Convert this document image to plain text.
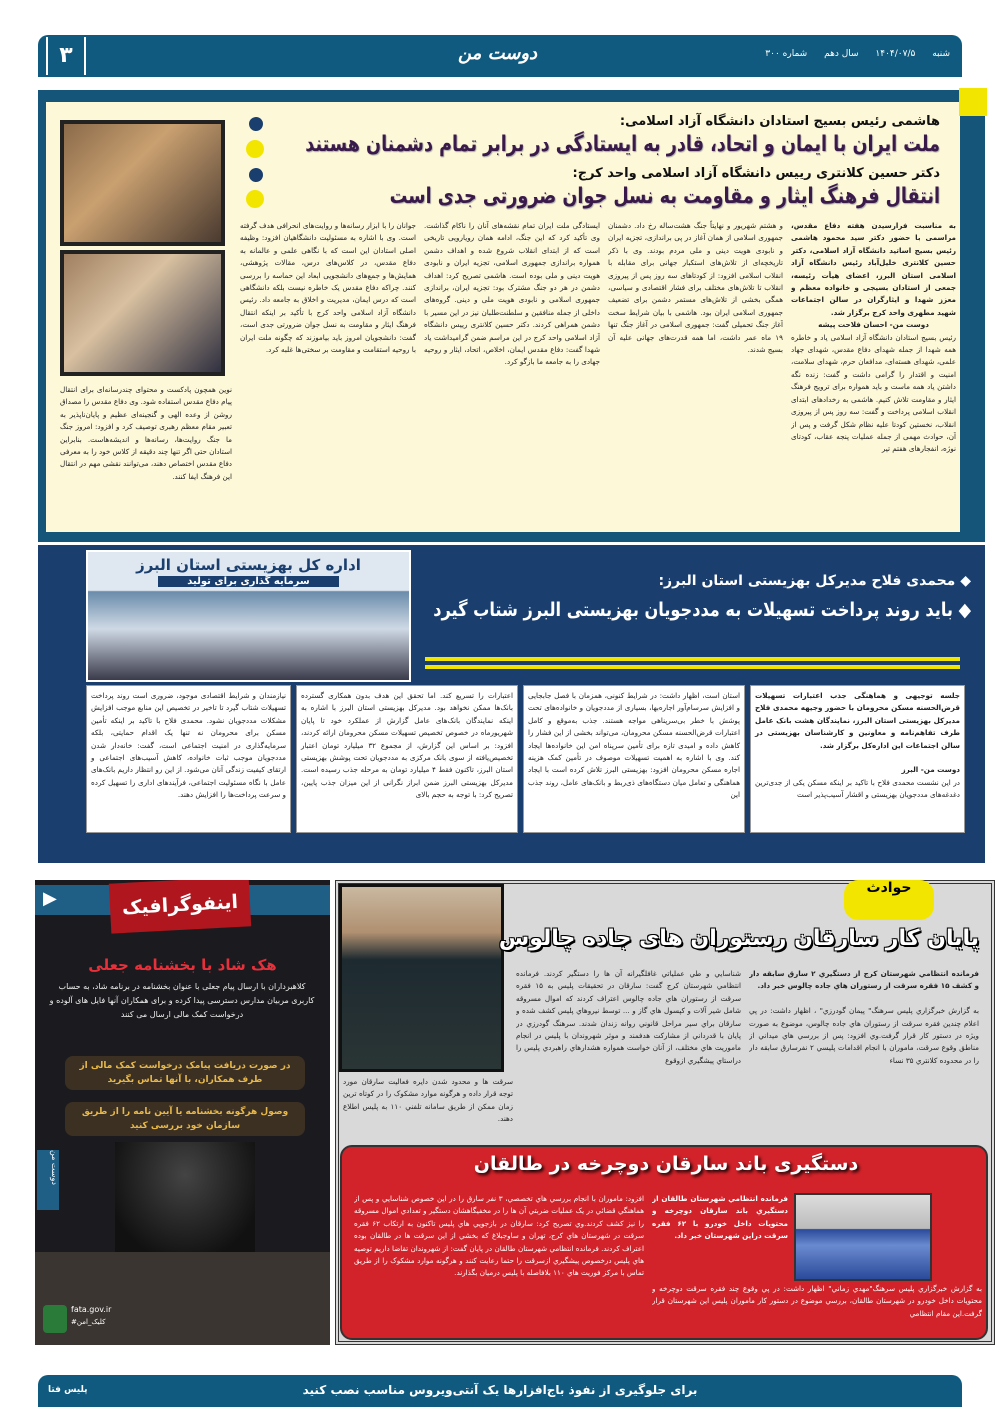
۳	دوست من	شنبه ۱۴۰۴/۰۷/۵ سال دهم شماره ۳۰۰
هاشمی رئیس بسیج استادان دانشگاه آزاد اسلامی:
ملت ایران با ایمان و اتحاد، قادر به ایستادگی در برابر تمام دشمنان هستند
دکتر حسین کلانتری رییس دانشگاه آزاد اسلامی واحد کرج:
انتقال فرهنگ ایثار و مقاومت به نسل جوان ضرورتی جدی است
به مناسبت فرارسیدن هفته دفاع مقدس، مراسمی با حضور دکتر سید محمود هاشمی رئیس بسیج اساتید دانشگاه آزاد اسلامی، دکتر حسین کلانتری خلیل‌آباد رئیس دانشگاه آزاد اسلامی استان البرز، اعضای هیأت رئیسه، جمعی از استادان بسیجی و خانواده معظم و معزز شهدا و ایثارگران در سالن اجتماعات شهید مطهری واحد کرج برگزار شد.

دوست من- احسان فلاحت پیشه
رئیس بسیج استادان دانشگاه آزاد اسلامی یاد و خاطره همه شهدا از جمله شهدای دفاع مقدس، شهدای جهاد علمی، شهدای هسته‌ای، مدافعان حرم، شهدای سلامت، امنیت و اقتدار را گرامی داشت و گفت: زنده نگه داشتن یاد همه ماست و باید همواره برای ترویج فرهنگ ایثار و مقاومت تلاش کنیم. هاشمی به رخدادهای ابتدای انقلاب اسلامی پرداخت و گفت: سه روز پس از پیروزی انقلاب، نخستین کودتا علیه نظام شکل گرفت و پس از آن، حوادث مهمی از جمله عملیات پنجه عقاب، کودتای نوژه، انفجارهای هفتم تیر
و هشتم شهریور و نهایتاً جنگ هشت‌ساله رخ داد. دشمنان جمهوری اسلامی از همان آغاز در پی براندازی، تجزیه ایران و نابودی هویت دینی و ملی مردم بودند. وی با ذکر تاریخچه‌ای از تلاش‌های استکبار جهانی برای مقابله با انقلاب اسلامی افزود: از کودتاهای سه روز پس از پیروزی انقلاب تا تلاش‌های مختلف برای فشار اقتصادی و سیاسی، همگی بخشی از تلاش‌های مستمر دشمن برای تضعیف جمهوری اسلامی ایران بود. هاشمی با بیان شرایط سخت آغاز جنگ تحمیلی گفت: جمهوری اسلامی در آغاز جنگ تنها ۱۹ ماه عمر داشت، اما همه قدرت‌های جهانی علیه آن بسیج شدند.
ایستادگی ملت ایران تمام نقشه‌های آنان را ناکام گذاشت. وی تأکید کرد که این جنگ، ادامه همان رویارویی تاریخی است که از ابتدای انقلاب شروع شده و اهداف دشمن همواره براندازی جمهوری اسلامی، تجزیه ایران و نابودی هویت دینی و ملی بوده است. هاشمی تصریح کرد: اهداف دشمن در هر دو جنگ مشترک بود: تجزیه ایران، براندازی جمهوری اسلامی و نابودی هویت ملی و دینی. گروه‌های داخلی از جمله منافقین و سلطنت‌طلبان نیز در این مسیر با دشمن همراهی کردند. دکتر حسین کلانتری رییس دانشگاه آزاد اسلامی واحد کرج در این مراسم ضمن گرامیداشت یاد شهدا گفت: دفاع مقدس ایمان، اخلاص، اتحاد، ایثار و روحیه جهادی را به جامعه ما بازگو کرد.
جوانان را با ابزار رسانه‌ها و روایت‌های انحرافی هدف گرفته است. وی با اشاره به مسئولیت دانشگاهیان افزود: وظیفه اصلی استادان این است که با نگاهی علمی و عالمانه به دفاع مقدس، در کلاس‌های درس، مقالات پژوهشی، همایش‌ها و جمع‌های دانشجویی ابعاد این حماسه را بررسی کنند. چراکه دفاع مقدس یک خاطره نیست بلکه دانشگاهی است که درس ایمان، مدیریت و اخلاق به جامعه داد. رئیس دانشگاه آزاد اسلامی واحد کرج با تأکید بر اینکه انتقال فرهنگ ایثار و مقاومت به نسل جوان ضرورتی جدی است، گفت: دانشجویان امروز باید بیاموزند که چگونه ملت ایران با روحیه استقامت و مقاومت بر سختی‌ها غلبه کرد.
نوین همچون پادکست و محتوای چندرسانه‌ای برای انتقال پیام دفاع مقدس استفاده شود. وی دفاع مقدس را مصداق روشن از وعده الهی و گنجینه‌ای عظیم و پایان‌ناپذیر به تعبیر مقام معظم رهبری توصیف کرد و افزود: امروز جنگ ما جنگ روایت‌ها، رسانه‌ها و اندیشه‌هاست. بنابراین استادان حتی اگر تنها چند دقیقه از کلاس خود را به معرفی دفاع مقدس اختصاص دهند، می‌توانند نقشی مهم در انتقال این فرهنگ ایفا کنند.
اداره کل بهزیستی استان البرز
سرمایه گذاری برای تولید	◆ محمدی فلاح مدیرکل بهزیستی استان البرز:
◆ باید روند پرداخت تسهیلات به مددجویان بهزیستی البرز شتاب گیرد
جلسه توجیهی و هماهنگی جذب اعتبارات تسهیلات قرض‌الحسنه مسکن محرومان با حضور وجیهه محمدی فلاح مدیرکل بهزیستی استان البرز، نمایندگان هشت بانک عامل طرف تفاهم‌نامه و معاونین و کارشناسان بهزیستی در سالن اجتماعات این اداره‌کل برگزار شد.

دوست من- البرز
در این نشست محمدی فلاح با تاکید بر اینکه مسکن یکی از جدی‌ترین دغدغه‌های مددجویان بهزیستی و اقشار آسیب‌پذیر است
استان است، اظهار داشت: در شرایط کنونی، همزمان با فصل جابجایی و افزایش سرسام‌آور اجاره‌بها، بسیاری از مددجویان و خانواده‌های تحت پوشش با خطر بی‌سرپناهی مواجه هستند. جذب به‌موقع و کامل اعتبارات قرض‌الحسنه مسکن محرومان، می‌تواند بخشی از این فشار را کاهش داده و امیدی تازه برای تأمین سرپناه امن این خانواده‌ها ایجاد کند. وی با اشاره به اهمیت تسهیلات موصوف در تأمین کمک هزینه اجاره مسکن محرومان افزود: بهزیستی البرز تلاش کرده است با ایجاد هماهنگی و تعامل میان دستگاه‌های ذی‌ربط و بانک‌های عامل، روند جذب این
اعتبارات را تسریع کند. اما تحقق این هدف بدون همکاری گسترده بانک‌ها ممکن نخواهد بود. مدیرکل بهزیستی استان البرز با اشاره به اینکه نمایندگان بانک‌های عامل گزارش از عملکرد خود تا پایان شهریورماه در خصوص تخصیص تسهیلات مسکن محرومان ارائه کردند، افزود: بر اساس این گزارش، از مجموع ۳۲ میلیارد تومان اعتبار تخصیص‌یافته از سوی بانک مرکزی به مددجویان تحت پوشش بهزیستی استان البرز، تاکنون فقط ۴ میلیارد تومان به مرحله جذب رسیده است. مدیرکل بهزیستی البرز ضمن ابراز نگرانی از این میزان جذب پایین، تصریح کرد: با توجه به حجم بالای
نیازمندان و شرایط اقتصادی موجود، ضروری است روند پرداخت تسهیلات شتاب گیرد تا تاخیر در تخصیص این منابع موجب افزایش مشکلات مددجویان نشود. محمدی فلاح با تاکید بر اینکه تأمین مسکن برای محرومان نه تنها یک اقدام حمایتی، بلکه سرمایه‌گذاری در امنیت اجتماعی است، گفت: خانه‌دار شدن مددجویان موجب ثبات خانواده، کاهش آسیب‌های اجتماعی و ارتقای کیفیت زندگی آنان می‌شود. از این رو انتظار داریم بانک‌های عامل با نگاه مسئولیت اجتماعی، فرآیندهای اداری را تسهیل کرده و سرعت پرداخت‌ها را افزایش دهند.
▶	اینفوگرافیک
هک شاد با بخشنامه جعلی
کلاهبرداران با ارسال پیام جعلی با عنوان بخشنامه در برنامه شاد، به حساب کاربری مربیان مدارس دسترسی پیدا کرده و برای همکاران آنها فایل های آلوده و درخواست کمک مالی ارسال می کنند
در صورت دریافت پیامک درخواست کمک مالی از طرف همکاران، با آنها تماس بگیرید
وصول هرگونه بخشنامه یا آیین نامه را از طریق سازمان خود بررسی کنید
دوست من
fata.gov.ir
#کلیک_امن
حوادث
پایان کار سارقان رستوران های جاده چالوس
فرمانده انتظامي شهرستان کرج از دستگيري ۲ سارق سابقه دار و کشف ۱۵ فقره سرقت از رستوران هاي جاده چالوس خبر داد.

به گزارش خبرگزاري پليس سرهنگ" پيمان گودرزي" ، اظهار داشت: در پي اعلام چندين فقره سرقت از رستوران هاي جاده چالوس، موضوع به صورت ويژه در دستور کار قرار گرفت.وي افزود: پس از بررسي هاي ميداني از مناطق وقوع سرقت، ماموران با انجام اقدامات پليسي ۲ نفرسارق سابقه دار را در محدوده کلانتري ۳۵ نساء
شناسايي و طي عملياتي غافلگيرانه آن ها را دستگير کردند. فرمانده انتظامي شهرستان کرج گفت: سارقان در تحقيقات پليس به ۱۵ فقره سرقت از رستوران هاي جاده چالوس اعتراف کردند که اموال مسروقه شامل شير آلات و کپسول هاي گاز و ... توسط نيروهاي پليس کشف شده و سارقان براي سير مراحل قانوني روانه زندان شدند. سرهنگ گودرزي در پايان با قدرداني از مشارکت هدفمند و موثر شهروندان با پليس در انجام ماموريت هاي مختلف، از آنان خواست همواره هشدارهاي راهبردي پليس را دراستاي پيشگيري ازوقوع
سرقت ها و محدود شدن دايره فعاليت سارقان مورد توجه قرار داده و هرگونه موارد مشکوک را در کوتاه ترين زمان ممکن از طريق سامانه تلفني ۱۱۰ به پليس اطلاع دهند.
دستگیری باند سارقان دوچرخه در طالقان
فرمانده انتظامي شهرستان طالقان از دستگيري باند سارقان دوچرخه و محتويات داخل خودرو با ۶۲ فقره سرقت دراين شهرستان خبر داد.
به گزارش خبرگزاري پليس سرهنگ"مهدي زماني" اظهار داشت: در پي وقوع چند فقره سرقت دوچرخه و محتويات داخل خودرو در شهرستان طالقان، بررسي موضوع در دستور کار ماموران پليس اين شهرستان قرار گرفت.اين مقام انتظامي
افزود: ماموران با انجام بررسي هاي تخصصي، ۳ نفر سارق را در اين خصوص شناسايي و پس از هماهنگي قضائي در يک عمليات ضربتي آن ها را در مخفيگاهشان دستگير و تعدادي اموال مسروقه را نيز کشف کردند.وي تصريح کرد: سارقان در بازجويي هاي پليس تاکنون به ارتکاب ۶۲ فقره سرقت در شهرستان هاي کرج، تهران و ساوجبلاغ که بخشي از اين سرقت ها در طالقان بوده اعتراف کردند. فرمانده انتظامي شهرستان طالقان در پايان گفت: از شهروندان تقاضا داريم توصيه هاي پليس درخصوص پيشگيري ازسرقت را حتما رعايت کنند و هرگونه موارد مشکوک را از طريق تماس با مرکز فوريت هاي ۱۱۰ بلافاصله با پليس درميان بگذارند.
برای جلوگیری از نفوذ باج‌افزارها یک آنتی‌ویروس مناسب نصب کنید
پلیس فتا
